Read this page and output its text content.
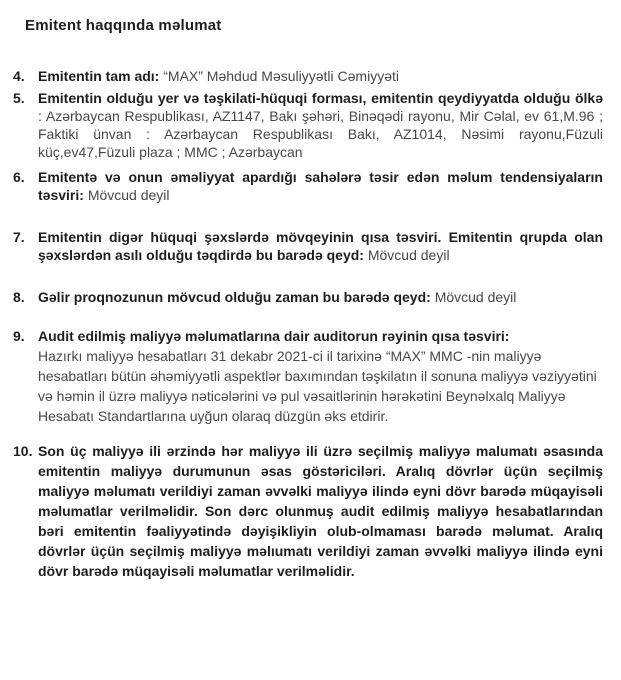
Emitent haqqında məlumat
4. Emitentin tam adı: “MAX” Məhdud Məsuliyyətli Cəmiyyəti

5. Emitentin olduğu yer və təşkilati-hüquqi forması, emitentin qeydiyyatda olduğu ölkə : Azərbaycan Respublikası, AZ1147, Bakı şəhəri, Binəqədi rayonu, Mir Cəlal, ev 61,M.96 ; Faktiki ünvan : Azərbaycan Respublikası Bakı, AZ1014, Nəsimi rayonu,Füzuli küç,ev47,Füzuli plaza ; MMC ; Azərbaycan

6. Emitentə və onun əməliyyat apardığı sahələrə təsir edən məlum tendensiyaların təsviri: Mövcud deyil

7. Emitentin digər hüquqi şəxslərdə mövqeyinin qısa təsviri. Emitentin qrupda olan şəxslərdən asılı olduğu təqdirdə bu barədə qeyd: Mövcud deyil

8. Gəlir proqnozunun mövcud olduğu zaman bu barədə qeyd: Mövcud deyil

9. Audit edilmiş maliyyə məlumatlarına dair auditorun rəyinin qısa təsviri:
Hazırkı maliyyə hesabatları 31 dekabr 2021-ci il tarixinə “MAX” MMC -nin maliyyə  hesabatları bütün əhəmiyyətli aspektlər baxımından təşkilatın il sonuna maliyyə vəziyyətini və həmin il üzrə maliyyə nəticələrini və pul vəsaitlərinin hərəkətini Beynəlxalq Maliyyə Hesabatı Standartlarına uyğun olaraq düzgün əks etdirir.

10. Son üç maliyyə ili ərzində hər maliyyə ili üzrə seçilmiş maliyyə malumatı əsasında emitentin maliyyə durumunun əsas göstəriciləri. Aralıq dövrlər üçün seçilmiş maliyyə məlumatı verildiyi zaman əvvəlki maliyyə ilində eyni dövr barədə müqayisəli məlumatlar verilməlidir. Son dərc olunmuş audit edilmiş maliyyə hesabatlarından bəri emitentin fəaliyyətində dəyişikliyin olub-olmaması barədə məlumat. Aralıq dövrlər üçün seçilmiş maliyyə məlıumatı verildiyi zaman əvvəlki maliyyə ilində eyni dövr barədə müqayisəli məlumatlar verilməlidir.
